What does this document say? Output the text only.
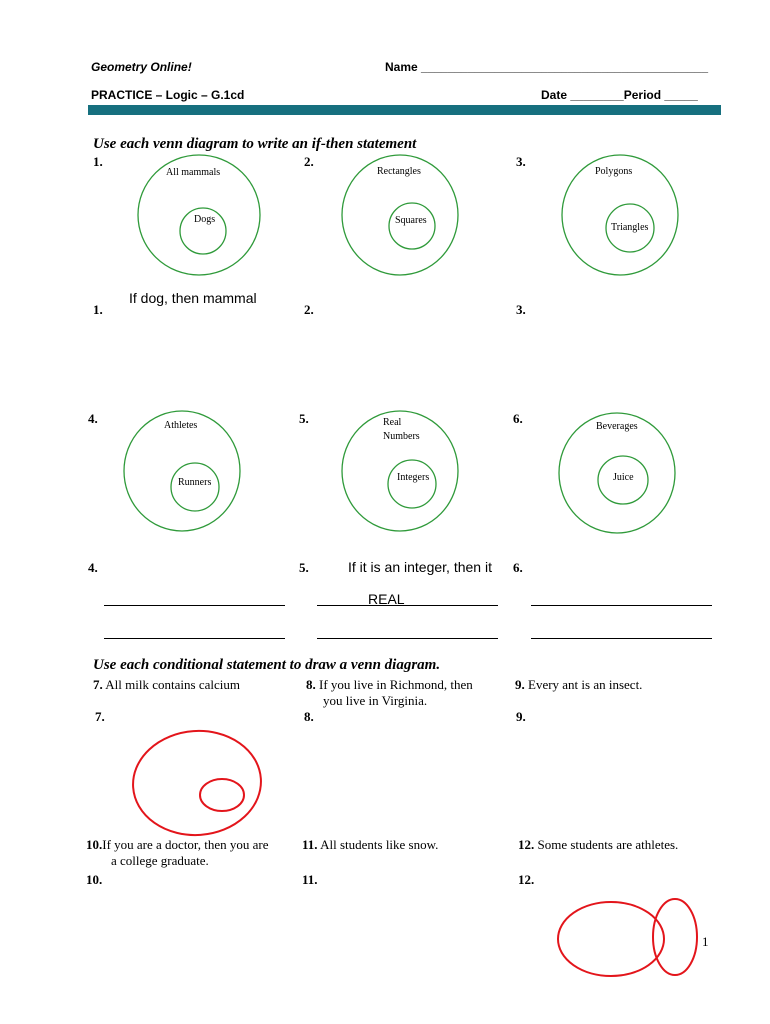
Geometry Online!	Name ___________________________________________
PRACTICE – Logic – G.1cd	Date ________Period _____
Use each venn diagram to write an if-then statement
1.	2.	3.
All mammals
Dogs
Rectangles
Squares
Polygons
Triangles
1.
If dog, then mammal
2.	3.
4.	5.	6.
Athletes
Runners
Real
Numbers
Integers
Beverages
Juice
4.	5.	If it is an integer, then it
REAL
6.
Use each conditional statement to draw a venn diagram.
7. All milk contains calcium	8. If you live in Richmond, then
you live in Virginia.
9. Every ant is an insect.
7.	8.	9.
10.If you are a doctor, then you are
a college graduate.
11. All students like snow.	12. Some students are athletes.
10.	11.	12.
1
